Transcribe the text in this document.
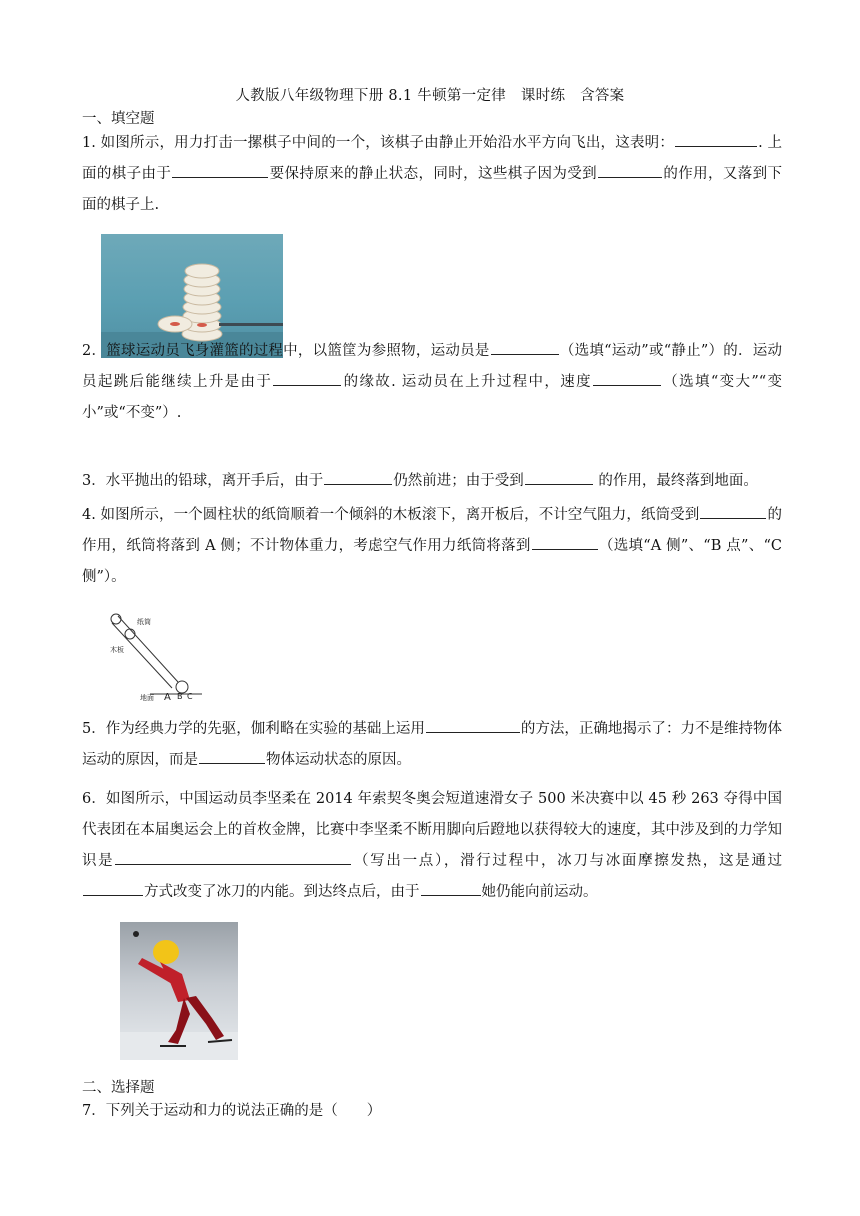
人教版八年级物理下册 8.1 牛顿第一定律　课时练　含答案
一、填空题
1. 如图所示，用力打击一摞棋子中间的一个，该棋子由静止开始沿水平方向飞出，这表明：	. 上面的棋子由于	要保持原来的静止状态，同时，这些棋子因为受到	的作用，又落到下面的棋子上.
2．篮球运动员飞身灌篮的过程中，以篮筐为参照物，运动员是	（选填“运动”或“静止”）的．运动员起跳后能继续上升是由于	的缘故. 运动员在上升过程中，速度	（选填“变大”“变小”或“不变”）.
3．水平抛出的铅球，离开手后，由于	仍然前进；由于受到	的作用，最终落到地面。
4. 如图所示，一个圆柱状的纸筒顺着一个倾斜的木板滚下，离开板后，不计空气阻力，纸筒受到	的作用，纸筒将落到 A 侧；不计物体重力，考虑空气作用力纸筒将落到	（选填“A 侧”、“B 点”、“C 侧”）。
纸筒
木板
地面 A B C
5．作为经典力学的先驱，伽利略在实验的基础上运用	的方法，正确地揭示了：力不是维持物体运动的原因，而是	物体运动状态的原因。
6．如图所示，中国运动员李坚柔在 2014 年索契冬奥会短道速滑女子 500 米决赛中以 45 秒 263 夺得中国代表团在本届奥运会上的首枚金牌，比赛中李坚柔不断用脚向后蹬地以获得较大的速度，其中涉及到的力学知识是	（写出一点），滑行过程中，冰刀与冰面摩擦发热，这是通过方式改变了冰刀的内能。到达终点后，由于	她仍能向前运动。
二、选择题
7．下列关于运动和力的说法正确的是（　　）
